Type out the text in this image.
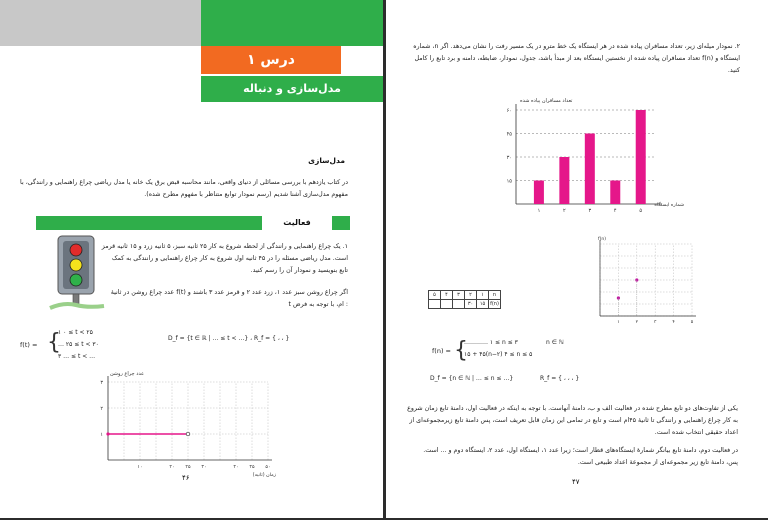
درس ۱
مدل‌سازی و دنباله
مدل‌سازی
در کتاب یازدهم با بررسی مسائلی از دنیای واقعی، مانند محاسبه قبض برق یک خانه یا مدل ریاضی چراغ راهنمایی و رانندگی، با
مفهوم مدل‌سازی آشنا شدیم (رسم نمودار توابع متناظر با مفهوم مطرح شده).
فعالیت
۱. یک چراغ راهنمایی و رانندگی از لحظه شروع به کار ۲۵ ثانیه سبز، ۵ ثانیه زرد و ۱۵ ثانیه قرمز
است. مدل ریاضی مسئله را در ۴۵ ثانیه اول شروع به کار چراغ راهنمایی و رانندگی به کمک
تابع بنویسید و نمودار آن را رسم کنید.
اگر چراغ روشن سبز عدد ۱، زرد عدد ۲ و قرمز عدد ۳ باشند و f(t) عدد چراغ روشن در ثانیهٔ
t ام، با توجه به فرض :
f(t) = {
۱ ۰ ≤ t < ۲۵
… ۲۵ ≤ t < ۳۰
۳ … ≤ t < …
D_f = {t ∈ ℝ | … ≤ t < …} ، R_f = { ، ، }
۱
۲
۳
۱۰	۲۰ ۲۵ ۳۰	۴۰ ۴۵ ۵۰
عدد چراغ روشن
زمان (ثانیه)
۴۶
۲. نمودار میله‌ای زیر، تعداد مسافران پیاده شده در هر ایستگاه یک خط مترو در یک مسیر رفت را نشان می‌دهد. اگر n، شماره
ایستگاه و f(n) تعداد مسافران پیاده شده از نخستین ایستگاه بعد از مبدأ باشد، جدول، نمودار، ضابطه، دامنه و برد تابع را کامل
کنید.
۱۵
۳۰
۴۵
۶۰
۱	۲	۳	۴	۵
تعداد مسافران پیاده شده
شماره ایستگاه
۱	۲	۳	۴	۵
f(n)
۵	۴	۳	۲	۱	n
			۳۰	۱۵	f(n)
f(n) = {
………… ۱ ≤ n ≤ ۳
۱۵ + ۴۵(n−۲) ۴ ≤ n ≤ ۵
n ∈ ℕ
D_f = {n ∈ ℕ | … ≤ n ≤ …}	R_f = { ، ، ، }
یکی از تفاوت‌های دو تابع مطرح شده در فعالیت الف و ب، دامنهٔ آنهاست. با توجه به اینکه در فعالیت اول، دامنهٔ تابع زمان شروع
به کار چراغ راهنمایی و رانندگی تا ثانیهٔ ۴۵ام است و تابع در تمامی این زمان قابل تعریف است، پس دامنهٔ تابع زیرمجموعه‌ای از
اعداد حقیقی انتخاب شده است.
در فعالیت دوم، دامنهٔ تابع بیانگر شمارهٔ ایستگاه‌های قطار است؛ زیرا عدد ۱، ایستگاه اول، عدد ۲، ایستگاه دوم و ... است.
پس، دامنهٔ تابع زیر مجموعه‌ای از مجموعهٔ اعداد طبیعی است.
۴۷
